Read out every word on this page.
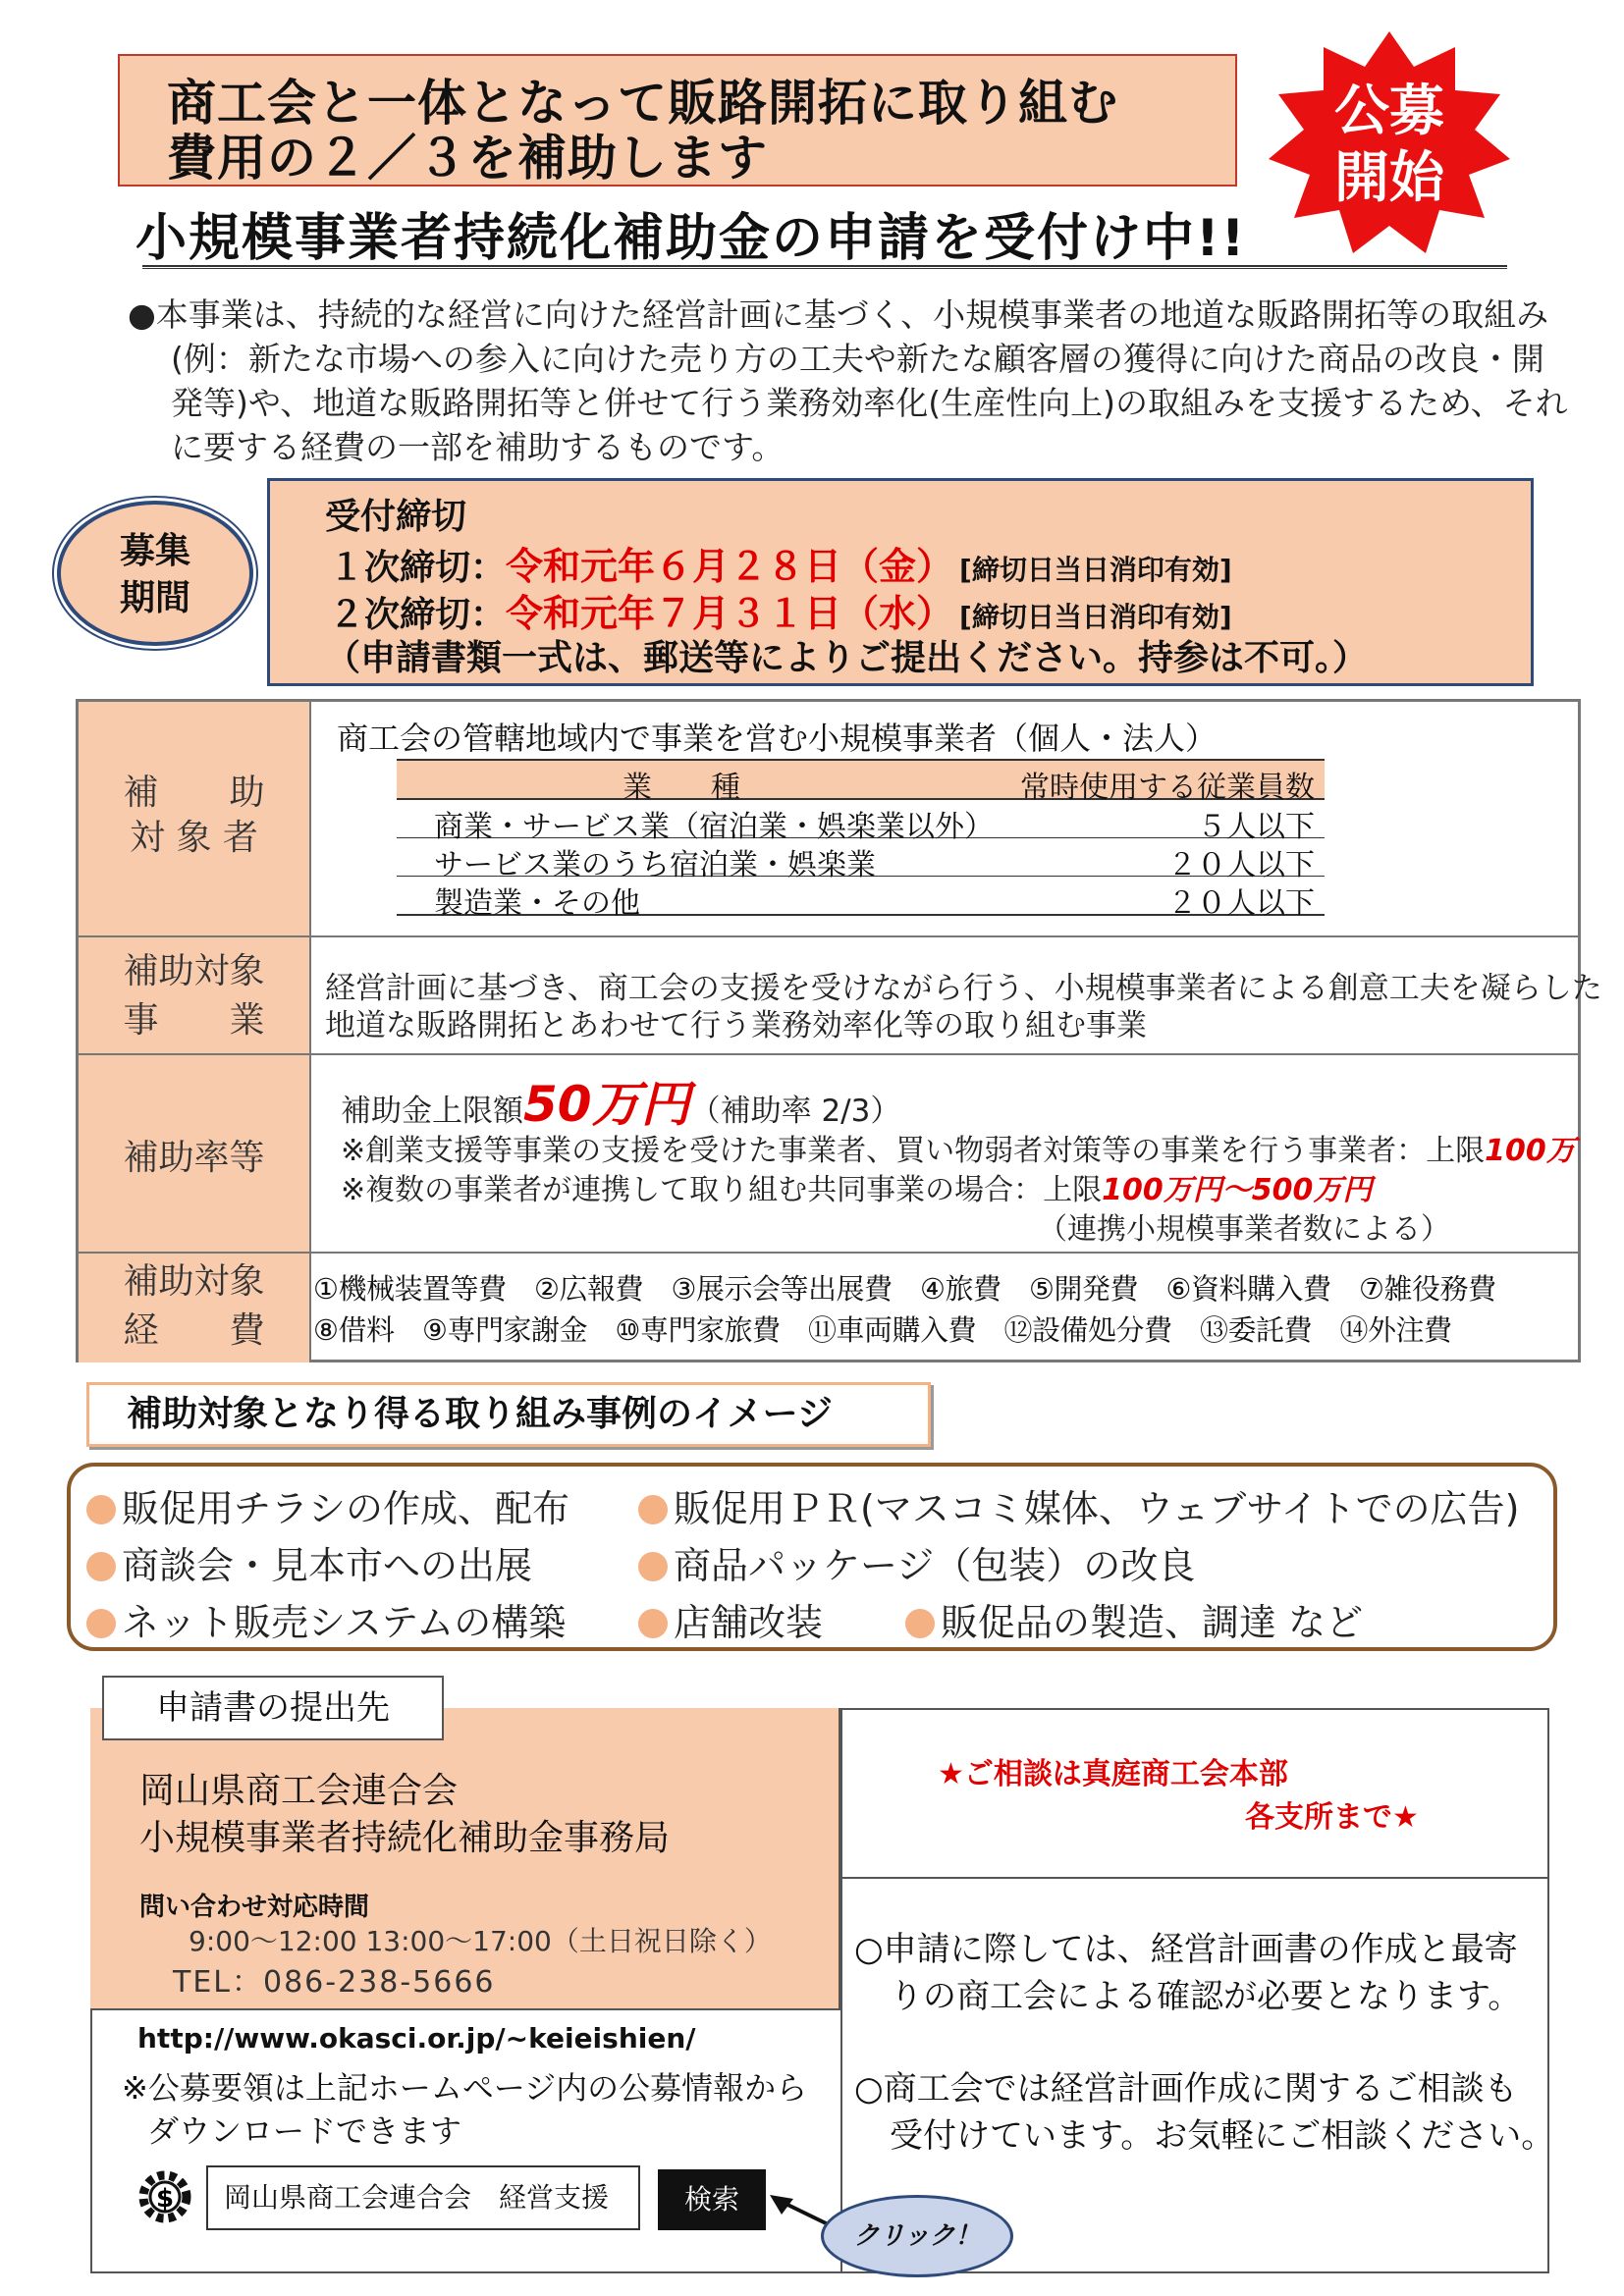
商工会と一体となって販路開拓に取り組む
費用の２／３を補助します
公募
開始
小規模事業者持続化補助金の申請を受付け中!!
●本事業は、持続的な経営に向けた経営計画に基づく、小規模事業者の地道な販路開拓等の取組み(例：新たな市場への参入に向けた売り方の工夫や新たな顧客層の獲得に向けた商品の改良・開発等)や、地道な販路開拓等と併せて行う業務効率化(生産性向上)の取組みを支援するため、それに要する経費の一部を補助するものです。
募集
期間
受付締切
１次締切：令和元年６月２８日（金） [締切日当日消印有効]
２次締切：令和元年７月３１日（水） [締切日当日消印有効]
（申請書類一式は、郵送等によりご提出ください。持参は不可。）
補　　助
対 象 者
商工会の管轄地域内で事業を営む小規模事業者（個人・法人）
補助対象
事　　業
経営計画に基づき、商工会の支援を受けながら行う、小規模事業者による創意工夫を凝らした
地道な販路開拓とあわせて行う業務効率化等の取り組む事業
補助率等
補助金上限額50万円（補助率 2/3）
※創業支援等事業の支援を受けた事業者、買い物弱者対策等の事業を行う事業者：上限100万
※複数の事業者が連携して取り組む共同事業の場合：上限100万円～500万円
（連携小規模事業者数による）
補助対象
経　　費
①機械装置等費　②広報費　③展示会等出展費　④旅費　⑤開発費　⑥資料購入費　⑦雑役務費
⑧借料　⑨専門家謝金　⑩専門家旅費　⑪車両購入費　⑫設備処分費　⑬委託費　⑭外注費
業　　種	常時使用する従業員数
商業・サービス業（宿泊業・娯楽業以外）	５人以下
サービス業のうち宿泊業・娯楽業	２０人以下
製造業・その他	２０人以下
補助対象となり得る取り組み事例のイメージ
販促用チラシの作成、配布	販促用ＰＲ(マスコミ媒体、ウェブサイトでの広告)
商談会・見本市への出展	商品パッケージ（包装）の改良
ネット販売システムの構築	店舗改装	販促品の製造、調達 など
岡山県商工会連合会
小規模事業者持続化補助金事務局
問い合わせ対応時間
9:00～12:00 13:00～17:00（土日祝日除く）
TEL：086-238-5666
申請書の提出先
http://www.okasci.or.jp/~keieishien/
※公募要領は上記ホームページ内の公募情報から
ダウンロードできます
$	岡山県商工会連合会　経営支援	検索
クリック！
★ご相談は真庭商工会本部
各支所まで★
○申請に際しては、経営計画書の作成と最寄
りの商工会による確認が必要となります。
○商工会では経営計画作成に関するご相談も
受付けています。お気軽にご相談ください。
